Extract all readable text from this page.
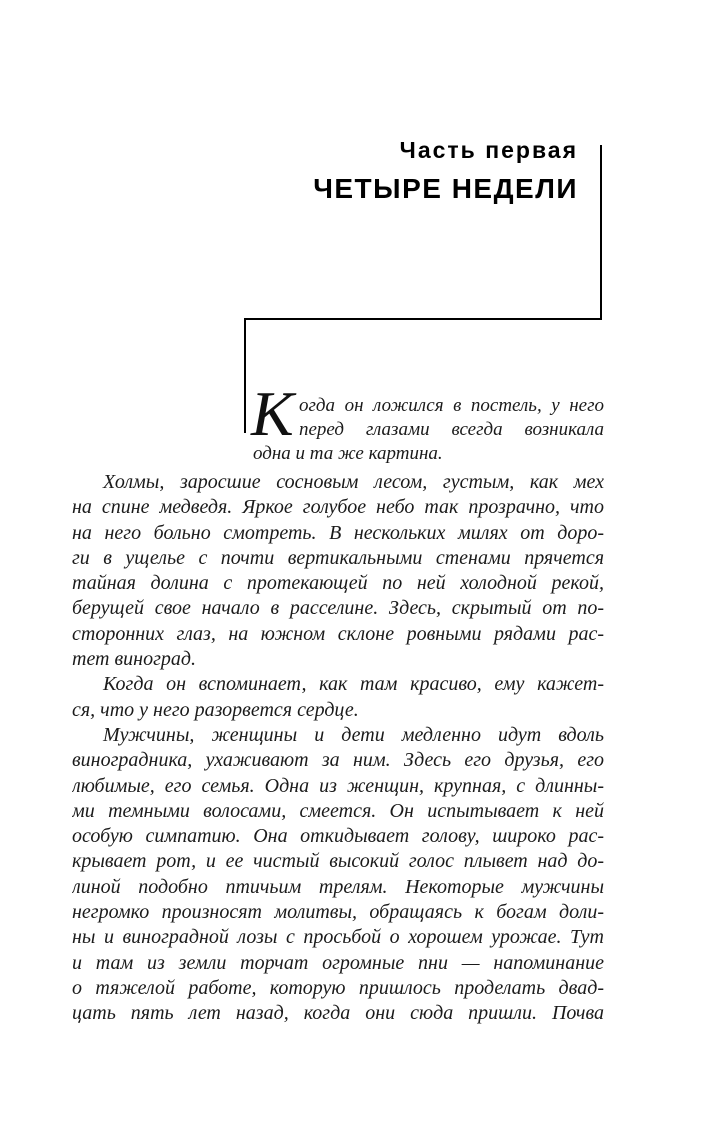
Часть первая
ЧЕТЫРЕ НЕДЕЛИ
К огда он ложился в постель, у него
перед глазами всегда возникала
одна и та же картина.
Холмы, заросшие сосновым лесом, густым, как мех
на спине медведя. Яркое голубое небо так прозрачно, что
на него больно смотреть. В нескольких милях от доро-
ги в ущелье с почти вертикальными стенами прячется
тайная долина с протекающей по ней холодной рекой,
берущей свое начало в расселине. Здесь, скрытый от по-
сторонних глаз, на южном склоне ровными рядами рас-
тет виноград.
Когда он вспоминает, как там красиво, ему кажет-
ся, что у него разорвется сердце.
Мужчины, женщины и дети медленно идут вдоль
виноградника, ухаживают за ним. Здесь его друзья, его
любимые, его семья. Одна из женщин, крупная, с длинны-
ми темными волосами, смеется. Он испытывает к ней
особую симпатию. Она откидывает голову, широко рас-
крывает рот, и ее чистый высокий голос плывет над до-
линой подобно птичьим трелям. Некоторые мужчины
негромко произносят молитвы, обращаясь к богам доли-
ны и виноградной лозы с просьбой о хорошем урожае. Тут
и там из земли торчат огромные пни — напоминание
о тяжелой работе, которую пришлось проделать двад-
цать пять лет назад, когда они сюда пришли. Почва
